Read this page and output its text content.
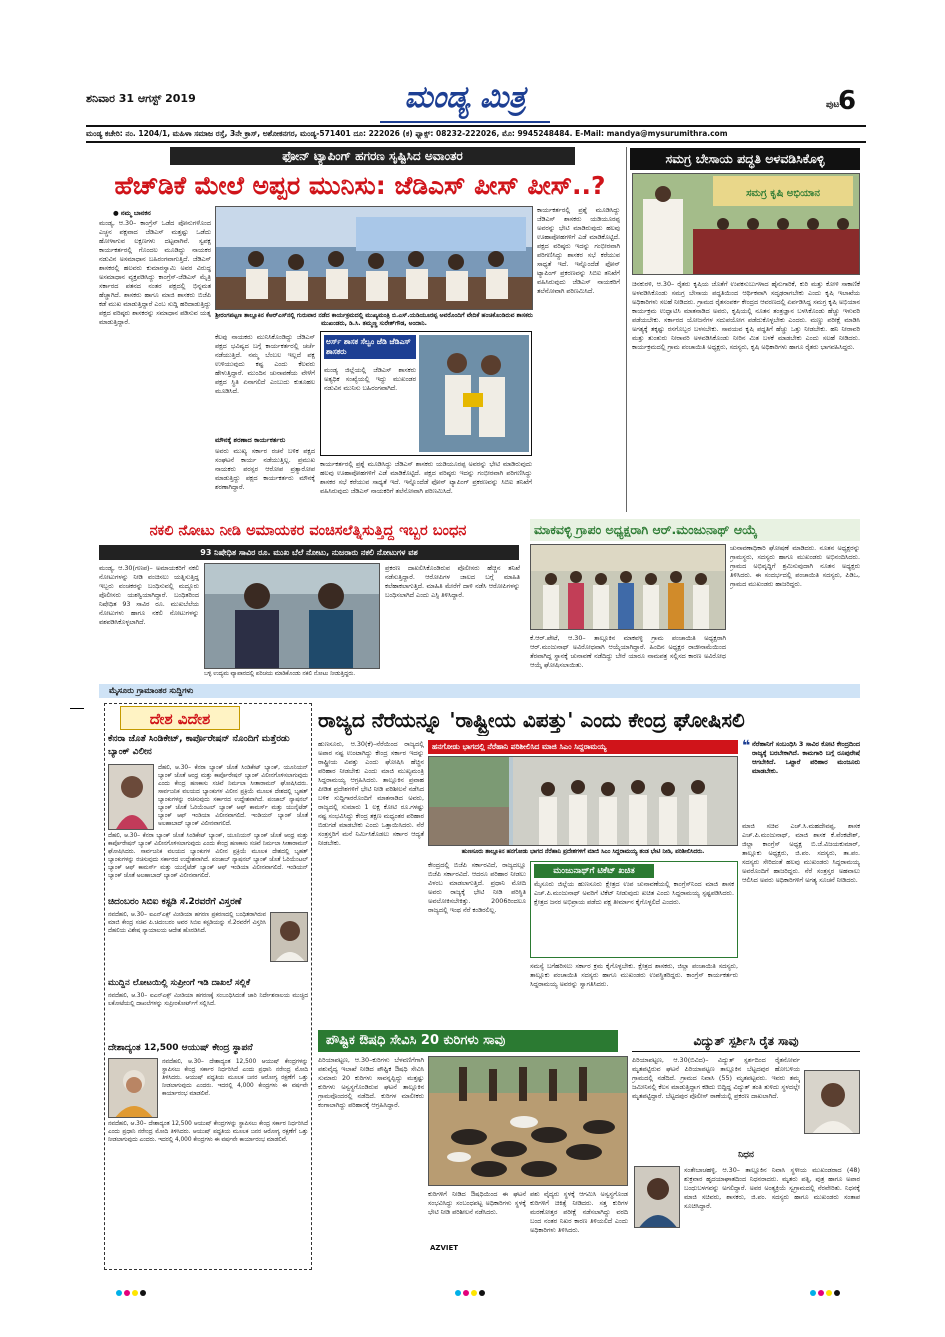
ಶನಿವಾರ 31 ಆಗಸ್ಟ್ 2019	ಮಂಡ್ಯ ಮಿತ್ರ	ಪುಟ-
6
ಮಂಡ್ಯ ಕಚೇರಿ: ನಂ. 1204/1, ಮಹಿಳಾ ಸಮಾಜ ರಸ್ತೆ, 3ನೇ ಕ್ರಾಸ್, ಅಶೋಕನಗರ, ಮಂಡ್ಯ-571401 ದೂ: 222026 (ಕ) ಫ್ಯಾಕ್ಸ್: 08232-222026, ಮೊ: 9945248484. E-Mail: mandya@mysurumithra.com
ಫೋನ್ ಟ್ಯಾಪಿಂಗ್ ಹಗರಣ ಸೃಷ್ಟಿಸಿದ ಅವಾಂತರ
ಹೆಚ್‌ಡಿಕೆ ಮೇಲೆ ಅಪ್ಪರ ಮುನಿಸು: ಜೆಡಿಎಸ್ ಪೀಸ್ ಪೀಸ್..?
● ನಮ್ಮ ಬಾನಕನ
ಮಂಡ್ಯ, ಆ.30– ಕಾಂಗ್ರೆಸ್ ಒಡೆದ ಪೋನುಗಳೊಂದ ಎಚ್ಚನ ಪಕ್ಷವಾದ ಜೆಡಿಎಸ್ ಮತ್ತಷ್ಟು ಒಡೆದು ಹೋಳಾಗುವ ಲಕ್ಷಣಗಳು ದಟ್ಟವಾಗಿವೆ. ಸ್ವಪಕ್ಷ ಕಾರ್ಯಕರ್ತರಲ್ಲಿ ಗೊಂದಲ ಮೂಡಿದ್ದು ನಾಯಕರ ನಡುವಿನ ಅಸಮಾಧಾನ ಬಹಿರಂಗವಾಗುತ್ತಿದೆ. ಜೆಡಿಎಸ್ ಶಾಸಕರಲ್ಲಿ ಹಲವರು ಕುಮಾರಸ್ವಾಮಿ ಅವರ ವಿರುದ್ಧ ಅಸಮಾಧಾನ ವ್ಯಕ್ತಪಡಿಸಿದ್ದು ಕಾಂಗ್ರೆಸ್-ಜೆಡಿಎಸ್ ಮೈತ್ರಿ ಸರ್ಕಾರದ ಪತನದ ನಂತರ ಪಕ್ಷದಲ್ಲಿ ಭಿನ್ನಮತ ಹೆಚ್ಚಾಗಿದೆ. ಶಾಸಕರು ಹಾಗೂ ಮಾಜಿ ಶಾಸಕರು ಬಿಜೆಪಿ ಕಡೆ ಮುಖ ಮಾಡುತ್ತಿದ್ದಾರೆ ಎಂಬ ಸುದ್ದಿ ಹರಿದಾಡುತ್ತಿದ್ದು ಪಕ್ಷದ ವರಿಷ್ಠರು ಶಾಸಕರನ್ನು ಸಮಾಧಾನ ಪಡಿಸುವ ಯತ್ನ ಮಾಡುತ್ತಿದ್ದಾರೆ.
ಶ್ರೀರಂಗಪಟ್ಟಣ ತಾಲ್ಲೂಕಿನ ಕೆಆರ್‌ಎಸ್‌ನಲ್ಲಿ ಗುರುವಾರ ನಡೆದ ಕಾರ್ಯಕ್ರಮದಲ್ಲಿ ಮುಖ್ಯಮಂತ್ರಿ ಬಿ.ಎಸ್.ಯಡಿಯೂರಪ್ಪ ಅವರೊಂದಿಗೆ ವೇದಿಕೆ ಹಂಚಿಕೊಂಡಿರುವ ಶಾಸಕರು ಮುಖಂಡರು, ಡಿ.ಸಿ. ತಮ್ಮಣ್ಣ ಸುರೇಶ್‌ಗೌಡ, ಅಂದಾನಿ.
ಕೆಲವು ನಾಯಕರು ಮುನಿಸಿಕೊಂಡಿದ್ದು ಜೆಡಿಎಸ್ ಪಕ್ಷದ ಭವಿಷ್ಯದ ಬಗ್ಗೆ ಕಾರ್ಯಕರ್ತರಲ್ಲಿ ಚರ್ಚೆ ನಡೆಯುತ್ತಿದೆ. ನಮ್ಮ ಬೆಂಬಲ ಇಲ್ಲದೆ ಪಕ್ಷ ಉಳಿಯುವುದು ಕಷ್ಟ ಎಂದು ಕೆಲವರು ಹೇಳುತ್ತಿದ್ದಾರೆ. ಮುಂದಿನ ಚುನಾವಣೆಯ ವೇಳೆಗೆ ಪಕ್ಷದ ಸ್ಥಿತಿ ಏನಾಗಲಿದೆ ಎಂಬುದು ಕುತೂಹಲ ಮೂಡಿಸಿದೆ.
ಮೌನಕ್ಕೆ ಶರಣಾದ ಕಾರ್ಯಕರ್ತರು
ಅವರು ಮುಖ್ಯ ಸರ್ಕಾರ ರಚನೆ ಬಳಿಕ ಪಕ್ಷದ ಸಂಘಟನೆ ಕಾರ್ಯ ನಡೆಯುತ್ತಿಲ್ಲ. ಪ್ರಮುಖ ನಾಯಕರು ಪರಸ್ಪರ ಆರೋಪ ಪ್ರತ್ಯಾರೋಪ ಮಾಡುತ್ತಿದ್ದು ಪಕ್ಷದ ಕಾರ್ಯಕರ್ತರು ಮೌನಕ್ಕೆ ಶರಣಾಗಿದ್ದಾರೆ.
ಅರ್ಸ್ ಶಾಸಕ ಸೆಲ್ವಂ ಜೆಡಿ ಜೆಡಿಎಸ್ ಶಾಸಕರು
ಮಂಡ್ಯ ಜಿಲ್ಲೆಯಲ್ಲಿ ಜೆಡಿಎಸ್ ಶಾಸಕರು ಅತ್ಯಧಿಕ ಸಂಖ್ಯೆಯಲ್ಲಿ ಇದ್ದು ಮುಖಂಡರ ನಡುವಿನ ಮುನಿಸು ಬಹಿರಂಗವಾಗಿದೆ.
ಕಾರ್ಯಕರ್ತರಲ್ಲಿ ಪ್ರಶ್ನೆ ಮೂಡಿಸಿದ್ದು ಜೆಡಿಎಸ್ ಶಾಸಕರು ಯಡಿಯೂರಪ್ಪ ಅವರನ್ನು ಭೇಟಿ ಮಾಡಿರುವುದು ಹಲವು ಊಹಾಪೋಹಗಳಿಗೆ ಎಡೆ ಮಾಡಿಕೊಟ್ಟಿದೆ. ಪಕ್ಷದ ವರಿಷ್ಠರು ಇದನ್ನು ಗಂಭೀರವಾಗಿ ಪರಿಗಣಿಸಿದ್ದು ಶಾಸಕರ ಸಭೆ ಕರೆಯುವ ಸಾಧ್ಯತೆ ಇದೆ. ಇನ್ನೊಂದೆಡೆ ಫೋನ್ ಟ್ಯಾಪಿಂಗ್ ಪ್ರಕರಣವನ್ನು ಸಿಬಿಐ ತನಿಖೆಗೆ ವಹಿಸಿರುವುದು ಜೆಡಿಎಸ್ ನಾಯಕರಿಗೆ ತಲೆನೋವಾಗಿ ಪರಿಣಮಿಸಿದೆ.
ಕಾರ್ಯಕರ್ತರಲ್ಲಿ ಪ್ರಶ್ನೆ ಮೂಡಿಸಿದ್ದು ಜೆಡಿಎಸ್ ಶಾಸಕರು ಯಡಿಯೂರಪ್ಪ ಅವರನ್ನು ಭೇಟಿ ಮಾಡಿರುವುದು ಹಲವು ಊಹಾಪೋಹಗಳಿಗೆ ಎಡೆ ಮಾಡಿಕೊಟ್ಟಿದೆ. ಪಕ್ಷದ ವರಿಷ್ಠರು ಇದನ್ನು ಗಂಭೀರವಾಗಿ ಪರಿಗಣಿಸಿದ್ದು ಶಾಸಕರ ಸಭೆ ಕರೆಯುವ ಸಾಧ್ಯತೆ ಇದೆ. ಇನ್ನೊಂದೆಡೆ ಫೋನ್ ಟ್ಯಾಪಿಂಗ್ ಪ್ರಕರಣವನ್ನು ಸಿಬಿಐ ತನಿಖೆಗೆ ವಹಿಸಿರುವುದು ಜೆಡಿಎಸ್ ನಾಯಕರಿಗೆ ತಲೆನೋವಾಗಿ ಪರಿಣಮಿಸಿದೆ.
ಸಮಗ್ರ ಬೇಸಾಯ ಪದ್ಧತಿ ಅಳವಡಿಸಿಕೊಳ್ಳಿ
ಸಮಗ್ರ ಕೃಷಿ ಅಭಿಯಾನ
ಚಿನಕುರಳಿ, ಆ.30– ರೈತರು ಕೃಷಿಯ ಜೊತೆಗೆ ಉಪಕಸುಬುಗಳಾದ ಹೈನುಗಾರಿಕೆ, ಕುರಿ ಮತ್ತು ಕೋಳಿ ಸಾಕಾಣಿಕೆ ಅಳವಡಿಸಿಕೊಂಡು ಸಮಗ್ರ ಬೇಸಾಯ ಪದ್ಧತಿಯಿಂದ ಆರ್ಥಿಕವಾಗಿ ಸದೃಢರಾಗಬೇಕು ಎಂದು ಕೃಷಿ ಇಲಾಖೆಯ ಅಧಿಕಾರಿಗಳು ಸಲಹೆ ನೀಡಿದರು. ಗ್ರಾಮದ ರೈತಸಂಪರ್ಕ ಕೇಂದ್ರದ ಆವರಣದಲ್ಲಿ ಏರ್ಪಡಿಸಿದ್ದ ಸಮಗ್ರ ಕೃಷಿ ಅಭಿಯಾನ ಕಾರ್ಯಕ್ರಮ ಉದ್ಘಾಟಿಸಿ ಮಾತನಾಡಿದ ಅವರು, ಕೃಷಿಯಲ್ಲಿ ನೂತನ ತಂತ್ರಜ್ಞಾನ ಬಳಸಿಕೊಂಡು ಹೆಚ್ಚು ಇಳುವರಿ ಪಡೆಯಬೇಕು. ಸರ್ಕಾರದ ಯೋಜನೆಗಳ ಸದುಪಯೋಗ ಪಡೆದುಕೊಳ್ಳಬೇಕು ಎಂದರು. ಮಣ್ಣು ಪರೀಕ್ಷೆ ಮಾಡಿಸಿ ಅಗತ್ಯಕ್ಕೆ ತಕ್ಕಷ್ಟು ರಸಗೊಬ್ಬರ ಬಳಸಬೇಕು. ಸಾವಯವ ಕೃಷಿ ಪದ್ಧತಿಗೆ ಹೆಚ್ಚು ಒತ್ತು ನೀಡಬೇಕು. ಹನಿ ನೀರಾವರಿ ಮತ್ತು ತುಂತುರು ನೀರಾವರಿ ಅಳವಡಿಸಿಕೊಂಡು ನೀರಿನ ಮಿತ ಬಳಕೆ ಮಾಡಬೇಕು ಎಂದು ಸಲಹೆ ನೀಡಿದರು. ಕಾರ್ಯಕ್ರಮದಲ್ಲಿ ಗ್ರಾಮ ಪಂಚಾಯಿತಿ ಅಧ್ಯಕ್ಷರು, ಸದಸ್ಯರು, ಕೃಷಿ ಅಧಿಕಾರಿಗಳು ಹಾಗೂ ರೈತರು ಭಾಗವಹಿಸಿದ್ದರು.
ನಕಲಿ ನೋಟು ನೀಡಿ ಅಮಾಯಕರ ವಂಚಿಸಲೆತ್ನಿಸುತ್ತಿದ್ದ ಇಬ್ಬರ ಬಂಧನ
93 ನಿಷೇಧಿತ ಸಾವಿರ ರೂ. ಮುಖ ಬೆಲೆ ನೋಟು, ನುಜರಾರು ನಕಲಿ ನೋಟುಗಳ ವಶ
ಮಂಡ್ಯ, ಆ.30(ಗಣಪ)– ಅಮಾಯಕರಿಗೆ ನಕಲಿ ನೋಟುಗಳನ್ನು ನೀಡಿ ವಂಚಿಸಲು ಯತ್ನಿಸುತ್ತಿದ್ದ ಇಬ್ಬರು ವಂಚಕರನ್ನು ಬಂಧಿಸುವಲ್ಲಿ ಮದ್ದೂರು ಪೊಲೀಸರು ಯಶಸ್ವಿಯಾಗಿದ್ದಾರೆ. ಬಂಧಿತರಿಂದ ನಿಷೇಧಿತ 93 ಸಾವಿರ ರೂ. ಮುಖಬೆಲೆಯ ನೋಟುಗಳು ಹಾಗೂ ನಕಲಿ ನೋಟುಗಳನ್ನು ವಶಪಡಿಸಿಕೊಳ್ಳಲಾಗಿದೆ.
ಬಳ್ಳಿ ಉದ್ಯಮ ವ್ಯಾಪಾರದಲ್ಲಿ ಪರಿಚಯ ಮಾಡಿಕೊಂಡು ನಕಲಿ ನೋಟು ನೀಡುತ್ತಿದ್ದರು.
ಪ್ರಕರಣ ದಾಖಲಿಸಿಕೊಂಡಿರುವ ಪೊಲೀಸರು ಹೆಚ್ಚಿನ ತನಿಖೆ ನಡೆಸುತ್ತಿದ್ದಾರೆ. ಆರೋಪಿಗಳ ಜಾಲದ ಬಗ್ಗೆ ಮಾಹಿತಿ ಕಲೆಹಾಕಲಾಗುತ್ತಿದೆ. ಮಾಹಿತಿ ಮೇರೆಗೆ ದಾಳಿ ನಡೆಸಿ ಆರೋಪಿಗಳನ್ನು ಬಂಧಿಸಲಾಗಿದೆ ಎಂದು ಎಸ್ಪಿ ತಿಳಿಸಿದ್ದಾರೆ.
ಮಾಕವಳ್ಳಿ ಗ್ರಾಪಂ ಅಧ್ಯಕ್ಷರಾಗಿ ಆರ್.ಮಂಜುನಾಥ್ ಆಯ್ಕೆ
ಕೆ.ಆರ್.ಪೇಟೆ, ಆ.30– ತಾಲ್ಲೂಕಿನ ಮಾಕವಳ್ಳಿ ಗ್ರಾಮ ಪಂಚಾಯಿತಿ ಅಧ್ಯಕ್ಷರಾಗಿ ಆರ್.ಮಂಜುನಾಥ್ ಅವಿರೋಧವಾಗಿ ಆಯ್ಕೆಯಾಗಿದ್ದಾರೆ. ಹಿಂದಿನ ಅಧ್ಯಕ್ಷರ ರಾಜೀನಾಮೆಯಿಂದ ತೆರವಾಗಿದ್ದ ಸ್ಥಾನಕ್ಕೆ ಚುನಾವಣೆ ನಡೆದಿದ್ದು ಬೇರೆ ಯಾರೂ ನಾಮಪತ್ರ ಸಲ್ಲಿಸದ ಕಾರಣ ಅವಿರೋಧ ಆಯ್ಕೆ ಘೋಷಿಸಲಾಯಿತು.
ಚುನಾವಣಾಧಿಕಾರಿ ಘೋಷಣೆ ಮಾಡಿದರು. ನೂತನ ಅಧ್ಯಕ್ಷರನ್ನು ಗ್ರಾಮಸ್ಥರು, ಸದಸ್ಯರು ಹಾಗೂ ಮುಖಂಡರು ಅಭಿನಂದಿಸಿದರು. ಗ್ರಾಮದ ಅಭಿವೃದ್ಧಿಗೆ ಶ್ರಮಿಸುವುದಾಗಿ ನೂತನ ಅಧ್ಯಕ್ಷರು ತಿಳಿಸಿದರು. ಈ ಸಂದರ್ಭದಲ್ಲಿ ಪಂಚಾಯಿತಿ ಸದಸ್ಯರು, ಪಿಡಿಒ, ಗ್ರಾಮದ ಮುಖಂಡರು ಹಾಜರಿದ್ದರು.
ಮೈಸೂರು ಗ್ರಾಮಾಂತರ ಸುದ್ದಿಗಳು
ದೇಶ ವಿದೇಶ
ಕೆನರಾ ಜೊತೆ ಸಿಂಡಿಕೇಟ್, ಕಾರ್ಪೊರೇಷನ್ ನೊಂದಿಗೆ ಮತ್ತೆರಡು ಬ್ಯಾಂಕ್ ವಿಲೀನ
ದೆಹಲಿ, ಆ.30– ಕೆನರಾ ಬ್ಯಾಂಕ್ ಜೊತೆ ಸಿಂಡಿಕೇಟ್ ಬ್ಯಾಂಕ್, ಯೂನಿಯನ್ ಬ್ಯಾಂಕ್ ಜೊತೆ ಆಂಧ್ರ ಮತ್ತು ಕಾರ್ಪೊರೇಷನ್ ಬ್ಯಾಂಕ್ ವಿಲೀನಗೊಳಿಸಲಾಗುವುದು ಎಂದು ಕೇಂದ್ರ ಹಣಕಾಸು ಸಚಿವೆ ನಿರ್ಮಲಾ ಸೀತಾರಾಮನ್ ಘೋಷಿಸಿದರು. ಸಾರ್ವಜನಿಕ ವಲಯದ ಬ್ಯಾಂಕುಗಳ ವಿಲೀನ ಪ್ರಕ್ರಿಯೆ ಮೂಲಕ ದೇಶದಲ್ಲಿ ಬೃಹತ್ ಬ್ಯಾಂಕುಗಳನ್ನು ರಚಿಸುವುದು ಸರ್ಕಾರದ ಉದ್ದೇಶವಾಗಿದೆ. ಪಂಜಾಬ್ ನ್ಯಾಷನಲ್ ಬ್ಯಾಂಕ್ ಜೊತೆ ಓರಿಯೆಂಟಲ್ ಬ್ಯಾಂಕ್ ಆಫ್ ಕಾಮರ್ಸ್ ಮತ್ತು ಯುನೈಟೆಡ್ ಬ್ಯಾಂಕ್ ಆಫ್ ಇಂಡಿಯಾ ವಿಲೀನವಾಗಲಿದೆ. ಇಂಡಿಯನ್ ಬ್ಯಾಂಕ್ ಜೊತೆ ಅಲಹಾಬಾದ್ ಬ್ಯಾಂಕ್ ವಿಲೀನವಾಗಲಿದೆ.
ದೆಹಲಿ, ಆ.30– ಕೆನರಾ ಬ್ಯಾಂಕ್ ಜೊತೆ ಸಿಂಡಿಕೇಟ್ ಬ್ಯಾಂಕ್, ಯೂನಿಯನ್ ಬ್ಯಾಂಕ್ ಜೊತೆ ಆಂಧ್ರ ಮತ್ತು ಕಾರ್ಪೊರೇಷನ್ ಬ್ಯಾಂಕ್ ವಿಲೀನಗೊಳಿಸಲಾಗುವುದು ಎಂದು ಕೇಂದ್ರ ಹಣಕಾಸು ಸಚಿವೆ ನಿರ್ಮಲಾ ಸೀತಾರಾಮನ್ ಘೋಷಿಸಿದರು. ಸಾರ್ವಜನಿಕ ವಲಯದ ಬ್ಯಾಂಕುಗಳ ವಿಲೀನ ಪ್ರಕ್ರಿಯೆ ಮೂಲಕ ದೇಶದಲ್ಲಿ ಬೃಹತ್ ಬ್ಯಾಂಕುಗಳನ್ನು ರಚಿಸುವುದು ಸರ್ಕಾರದ ಉದ್ದೇಶವಾಗಿದೆ. ಪಂಜಾಬ್ ನ್ಯಾಷನಲ್ ಬ್ಯಾಂಕ್ ಜೊತೆ ಓರಿಯೆಂಟಲ್ ಬ್ಯಾಂಕ್ ಆಫ್ ಕಾಮರ್ಸ್ ಮತ್ತು ಯುನೈಟೆಡ್ ಬ್ಯಾಂಕ್ ಆಫ್ ಇಂಡಿಯಾ ವಿಲೀನವಾಗಲಿದೆ. ಇಂಡಿಯನ್ ಬ್ಯಾಂಕ್ ಜೊತೆ ಅಲಹಾಬಾದ್ ಬ್ಯಾಂಕ್ ವಿಲೀನವಾಗಲಿದೆ.
ಚಿದಂಬರಂ ಸಿಬಿಐ ಕಸ್ಟಡಿ ಸೆ.2ರವರೆಗೆ ವಿಸ್ತರಣೆ
ನವದೆಹಲಿ, ಆ.30– ಐಎನ್‌ಎಕ್ಸ್ ಮೀಡಿಯಾ ಹಗರಣ ಪ್ರಕರಣದಲ್ಲಿ ಬಂಧಿತರಾಗಿರುವ ಮಾಜಿ ಕೇಂದ್ರ ಸಚಿವ ಪಿ.ಚಿದಂಬರಂ ಅವರ ಸಿಬಿಐ ಕಸ್ಟಡಿಯನ್ನು ಸೆ.2ರವರೆಗೆ ವಿಸ್ತರಿಸಿ ದೆಹಲಿಯ ವಿಶೇಷ ನ್ಯಾಯಾಲಯ ಆದೇಶ ಹೊರಡಿಸಿದೆ.
ಮುದ್ದಿನ ಲೋಟಯಿಲ್ಲಿ ಸುಪ್ರೀಂಗೆ ಇಡಿ ದಾಖಲೆ ಸಲ್ಲಿಕೆ
ನವದೆಹಲಿ, ಆ.30– ಐಎನ್‌ಎಕ್ಸ್ ಮೀಡಿಯಾ ಹಗರಣಕ್ಕೆ ಸಂಬಂಧಿಸಿದಂತೆ ಜಾರಿ ನಿರ್ದೇಶನಾಲಯ ಮುಚ್ಚಿದ ಲಕೋಟೆಯಲ್ಲಿ ದಾಖಲೆಗಳನ್ನು ಸುಪ್ರೀಂಕೋರ್ಟ್‌ಗೆ ಸಲ್ಲಿಸಿದೆ.
ದೇಶಾದ್ಯಂತ 12,500 ಆಯುಷ್ ಕೇಂದ್ರ ಸ್ಥಾಪನೆ
ನವದೆಹಲಿ, ಆ.30– ದೇಶಾದ್ಯಂತ 12,500 ಆಯುಷ್ ಕೇಂದ್ರಗಳನ್ನು ಸ್ಥಾಪಿಸಲು ಕೇಂದ್ರ ಸರ್ಕಾರ ನಿರ್ಧರಿಸಿದೆ ಎಂದು ಪ್ರಧಾನಿ ನರೇಂದ್ರ ಮೋದಿ ತಿಳಿಸಿದರು. ಆಯುಷ್ ಪದ್ಧತಿಯ ಮೂಲಕ ಜನರ ಆರೋಗ್ಯ ರಕ್ಷಣೆಗೆ ಒತ್ತು ನೀಡಲಾಗುವುದು ಎಂದರು. ಇದರಲ್ಲಿ 4,000 ಕೇಂದ್ರಗಳು ಈ ವರ್ಷವೇ ಕಾರ್ಯಾರಂಭ ಮಾಡಲಿವೆ.
ನವದೆಹಲಿ, ಆ.30– ದೇಶಾದ್ಯಂತ 12,500 ಆಯುಷ್ ಕೇಂದ್ರಗಳನ್ನು ಸ್ಥಾಪಿಸಲು ಕೇಂದ್ರ ಸರ್ಕಾರ ನಿರ್ಧರಿಸಿದೆ ಎಂದು ಪ್ರಧಾನಿ ನರೇಂದ್ರ ಮೋದಿ ತಿಳಿಸಿದರು. ಆಯುಷ್ ಪದ್ಧತಿಯ ಮೂಲಕ ಜನರ ಆರೋಗ್ಯ ರಕ್ಷಣೆಗೆ ಒತ್ತು ನೀಡಲಾಗುವುದು ಎಂದರು. ಇದರಲ್ಲಿ 4,000 ಕೇಂದ್ರಗಳು ಈ ವರ್ಷವೇ ಕಾರ್ಯಾರಂಭ ಮಾಡಲಿವೆ.
ರಾಜ್ಯದ ನೆರೆಯನ್ನೂ 'ರಾಷ್ಟ್ರೀಯ ವಿಪತ್ತು' ಎಂದು ಕೇಂದ್ರ ಘೋಷಿಸಲಿ
ಹುಣಸೂರು, ಆ.30(ಕೆ)–ನೆರೆಯಿಂದ ರಾಜ್ಯದಲ್ಲಿ ಅಪಾರ ನಷ್ಟ ಉಂಟಾಗಿದ್ದು ಕೇಂದ್ರ ಸರ್ಕಾರ ಇದನ್ನು ರಾಷ್ಟ್ರೀಯ ವಿಪತ್ತು ಎಂದು ಘೋಷಿಸಿ ಹೆಚ್ಚಿನ ಪರಿಹಾರ ನೀಡಬೇಕು ಎಂದು ಮಾಜಿ ಮುಖ್ಯಮಂತ್ರಿ ಸಿದ್ದರಾಮಯ್ಯ ಆಗ್ರಹಿಸಿದರು. ತಾಲ್ಲೂಕಿನ ಪ್ರವಾಹ ಪೀಡಿತ ಪ್ರದೇಶಗಳಿಗೆ ಭೇಟಿ ನೀಡಿ ಪರಿಶೀಲನೆ ನಡೆಸಿದ ಬಳಿಕ ಸುದ್ದಿಗಾರರೊಂದಿಗೆ ಮಾತನಾಡಿದ ಅವರು, ರಾಜ್ಯದಲ್ಲಿ ಸುಮಾರು 1 ಲಕ್ಷ ಕೋಟಿ ರೂ.ಗಳಷ್ಟು ನಷ್ಟ ಸಂಭವಿಸಿದ್ದು ಕೇಂದ್ರ ತಕ್ಷಣ ಮಧ್ಯಂತರ ಪರಿಹಾರ ಬಿಡುಗಡೆ ಮಾಡಬೇಕು ಎಂದು ಒತ್ತಾಯಿಸಿದರು. ನೆರೆ ಸಂತ್ರಸ್ತರಿಗೆ ಮನೆ ನಿರ್ಮಿಸಿಕೊಡಲು ಸರ್ಕಾರ ಆದ್ಯತೆ ನೀಡಬೇಕು.
ಹನಗೋಡು ಭಾಗದಲ್ಲಿ ನೆರೆಹಾನಿ ಪರಿಶೀಲಿಸಿದ ಮಾಜಿ ಸಿಎಂ ಸಿದ್ದರಾಮಯ್ಯ
ಹುಣಸೂರು ತಾಲ್ಲೂಕಿನ ಹನಗೋಡು ಭಾಗದ ನೆರೆಹಾನಿ ಪ್ರದೇಶಗಳಿಗೆ ಮಾಜಿ ಸಿಎಂ ಸಿದ್ದರಾಮಯ್ಯ ತಂಡ ಭೇಟಿ ನೀಡಿ, ಪರಿಶೀಲಿಸಿದರು.
ಕೇಂದ್ರದಲ್ಲಿ ಬಿಜೆಪಿ ಸರ್ಕಾರವಿದೆ, ರಾಜ್ಯದಲ್ಲೂ ಬಿಜೆಪಿ ಸರ್ಕಾರವಿದೆ. ಆದರೂ ಪರಿಹಾರ ನೀಡಲು ವಿಳಂಬ ಮಾಡಲಾಗುತ್ತಿದೆ. ಪ್ರಧಾನಿ ಮೋದಿ ಅವರು ರಾಜ್ಯಕ್ಕೆ ಭೇಟಿ ನೀಡಿ ಪರಿಸ್ಥಿತಿ ಅವಲೋಕಿಸಬೇಕಿತ್ತು. 2006ರಿಂದಲೂ ರಾಜ್ಯದಲ್ಲಿ ಇಂಥ ನೆರೆ ಕಂಡಿರಲಿಲ್ಲ.
ಮಂಜುನಾಥ್‌ಗೆ ಟಿಕೆಟ್ ಖಚಿತ
ಮೈಸೂರು ಜಿಲ್ಲೆಯ ಹುಣಸೂರು ಕ್ಷೇತ್ರದ ಉಪ ಚುನಾವಣೆಯಲ್ಲಿ ಕಾಂಗ್ರೆಸ್‌ನಿಂದ ಮಾಜಿ ಶಾಸಕ ಎಚ್.ಪಿ.ಮಂಜುನಾಥ್ ಅವರಿಗೆ ಟಿಕೆಟ್ ನೀಡುವುದು ಖಚಿತ ಎಂದು ಸಿದ್ದರಾಮಯ್ಯ ಸ್ಪಷ್ಟಪಡಿಸಿದರು. ಕ್ಷೇತ್ರದ ಜನರ ಅಭಿಪ್ರಾಯ ಪಡೆದು ಪಕ್ಷ ತೀರ್ಮಾನ ಕೈಗೊಳ್ಳಲಿದೆ ಎಂದರು.
ಸಮಸ್ಯೆ ಬಗೆಹರಿಸಲು ಸರ್ಕಾರ ಕ್ರಮ ಕೈಗೊಳ್ಳಬೇಕು. ಕ್ಷೇತ್ರದ ಶಾಸಕರು, ಜಿಲ್ಲಾ ಪಂಚಾಯಿತಿ ಸದಸ್ಯರು, ತಾಲ್ಲೂಕು ಪಂಚಾಯಿತಿ ಸದಸ್ಯರು ಹಾಗೂ ಮುಖಂಡರು ಉಪಸ್ಥಿತರಿದ್ದರು. ಕಾಂಗ್ರೆಸ್ ಕಾರ್ಯಕರ್ತರು ಸಿದ್ದರಾಮಯ್ಯ ಅವರನ್ನು ಸ್ವಾಗತಿಸಿದರು.
❝ ನೆರೆಹಾನಿಗೆ ಸಂಬಂಧಿಸಿ 3 ಸಾವಿರ ಕೋಟಿ ಕೇಂದ್ರದಿಂದ ರಾಜ್ಯಕ್ಕೆ ಬರಬೇಕಾಗಿದೆ. ಕಾಮಗಾರಿ ಬಗ್ಗೆ ರೂಪುರೇಷೆ ಆಗಬೇಕಿದೆ. ಒಟ್ಟಾರೆ ಪರಿಹಾರ ಮಂಜೂರು ಮಾಡಬೇಕು.
ಮಾಜಿ ಸಚಿವ ಎಚ್.ಸಿ.ಮಹದೇವಪ್ಪ, ಶಾಸಕ ಎಚ್.ಪಿ.ಮಂಜುನಾಥ್, ಮಾಜಿ ಶಾಸಕ ಕೆ.ವೆಂಕಟೇಶ್, ಜಿಲ್ಲಾ ಕಾಂಗ್ರೆಸ್ ಅಧ್ಯಕ್ಷ ಬಿ.ಜೆ.ವಿಜಯಕುಮಾರ್, ತಾಲ್ಲೂಕು ಅಧ್ಯಕ್ಷರು, ಜಿ.ಪಂ. ಸದಸ್ಯರು, ತಾ.ಪಂ. ಸದಸ್ಯರು ಸೇರಿದಂತೆ ಹಲವು ಮುಖಂಡರು ಸಿದ್ದರಾಮಯ್ಯ ಅವರೊಂದಿಗೆ ಹಾಜರಿದ್ದರು. ನೆರೆ ಸಂತ್ರಸ್ತರ ಅಹವಾಲು ಆಲಿಸಿದ ಅವರು ಅಧಿಕಾರಿಗಳಿಗೆ ಅಗತ್ಯ ಸೂಚನೆ ನೀಡಿದರು.
ಪೌಷ್ಟಿಕ ಔಷಧಿ ಸೇವಿಸಿ 20 ಕುರಿಗಳು ಸಾವು
ಪಿರಿಯಾಪಟ್ಟಣ, ಆ.30–ಕುರಿಗಳು ಬೆಳವಣಿಗೆಗಾಗಿ ಪಶುವೈದ್ಯ ಇಲಾಖೆ ನೀಡಿದ ಪೌಷ್ಟಿಕ ಔಷಧಿ ಸೇವಿಸಿ ಸುಮಾರು 20 ಕುರಿಗಳು ಸಾವನ್ನಪ್ಪಿದ್ದು ಮತ್ತಷ್ಟು ಕುರಿಗಳು ಅಸ್ವಸ್ಥಗೊಂಡಿರುವ ಘಟನೆ ತಾಲ್ಲೂಕಿನ ಗ್ರಾಮವೊಂದರಲ್ಲಿ ನಡೆದಿದೆ. ಕುರಿಗಳ ಮಾಲೀಕರು ಕಂಗಾಲಾಗಿದ್ದು ಪರಿಹಾರಕ್ಕೆ ಆಗ್ರಹಿಸಿದ್ದಾರೆ.
ಕುರಿಗಳಿಗೆ ನೀಡಿದ ಔಷಧಿಯಿಂದ ಈ ಘಟನೆ ಸಂಭವಿಸಿದ್ದು ಸಂಬಂಧಪಟ್ಟ ಅಧಿಕಾರಿಗಳು ಸ್ಥಳಕ್ಕೆ ಭೇಟಿ ನೀಡಿ ಪರಿಶೀಲನೆ ನಡೆಸಿದರು.
AZVIET
ಪಶು ವೈದ್ಯರು ಸ್ಥಳಕ್ಕೆ ಆಗಮಿಸಿ ಅಸ್ವಸ್ಥಗೊಂಡ ಕುರಿಗಳಿಗೆ ಚಿಕಿತ್ಸೆ ನೀಡಿದರು. ಸತ್ತ ಕುರಿಗಳ ಮರಣೋತ್ತರ ಪರೀಕ್ಷೆ ನಡೆಸಲಾಗಿದ್ದು ವರದಿ ಬಂದ ನಂತರ ನಿಖರ ಕಾರಣ ತಿಳಿಯಲಿದೆ ಎಂದು ಅಧಿಕಾರಿಗಳು ತಿಳಿಸಿದರು.
ವಿದ್ಯುತ್ ಸ್ಪರ್ಶಿಸಿ ರೈತ ಸಾವು
ಪಿರಿಯಾಪಟ್ಟಣ, ಆ.30(ಬಿವಿದ)– ವಿದ್ಯುತ್ ಸ್ಪರ್ಶದಿಂದ ರೈತನೋರ್ವ ಮೃತಪಟ್ಟಿರುವ ಘಟನೆ ಪಿರಿಯಾಪಟ್ಟಣ ತಾಲ್ಲೂಕಿನ ಬೆಟ್ಟದಪುರ ಹೋಬಳಿಯ ಗ್ರಾಮದಲ್ಲಿ ನಡೆದಿದೆ. ಗ್ರಾಮದ ನಿವಾಸಿ (55) ಮೃತಪಟ್ಟವರು. ಇವರು ತಮ್ಮ ಜಮೀನಿನಲ್ಲಿ ಕೆಲಸ ಮಾಡುತ್ತಿದ್ದಾಗ ಕಡಿದು ಬಿದ್ದಿದ್ದ ವಿದ್ಯುತ್ ತಂತಿ ತುಳಿದು ಸ್ಥಳದಲ್ಲೇ ಮೃತಪಟ್ಟಿದ್ದಾರೆ. ಬೆಟ್ಟದಪುರ ಪೊಲೀಸ್ ಠಾಣೆಯಲ್ಲಿ ಪ್ರಕರಣ ದಾಖಲಾಗಿದೆ.
ನಿಧನ
ಸಂತೇಬಾಚಹಳ್ಳಿ, ಆ.30– ತಾಲ್ಲೂಕಿನ ನಿವಾಸಿ ಸ್ಥಳೀಯ ಮುಖಂಡರಾದ (48) ಶುಕ್ರವಾರ ಹೃದಯಾಘಾತದಿಂದ ನಿಧನರಾದರು. ಮೃತರು ಪತ್ನಿ, ಪುತ್ರ ಹಾಗೂ ಅಪಾರ ಬಂಧುಬಳಗವನ್ನು ಅಗಲಿದ್ದಾರೆ. ಅವರ ಅಂತ್ಯಕ್ರಿಯೆ ಸ್ವಗ್ರಾಮದಲ್ಲಿ ನೆರವೇರಿತು. ನಿಧನಕ್ಕೆ ಮಾಜಿ ಸಚಿವರು, ಶಾಸಕರು, ಜಿ.ಪಂ. ಸದಸ್ಯರು ಹಾಗೂ ಮುಖಂಡರು ಸಂತಾಪ ಸೂಚಿಸಿದ್ದಾರೆ.
